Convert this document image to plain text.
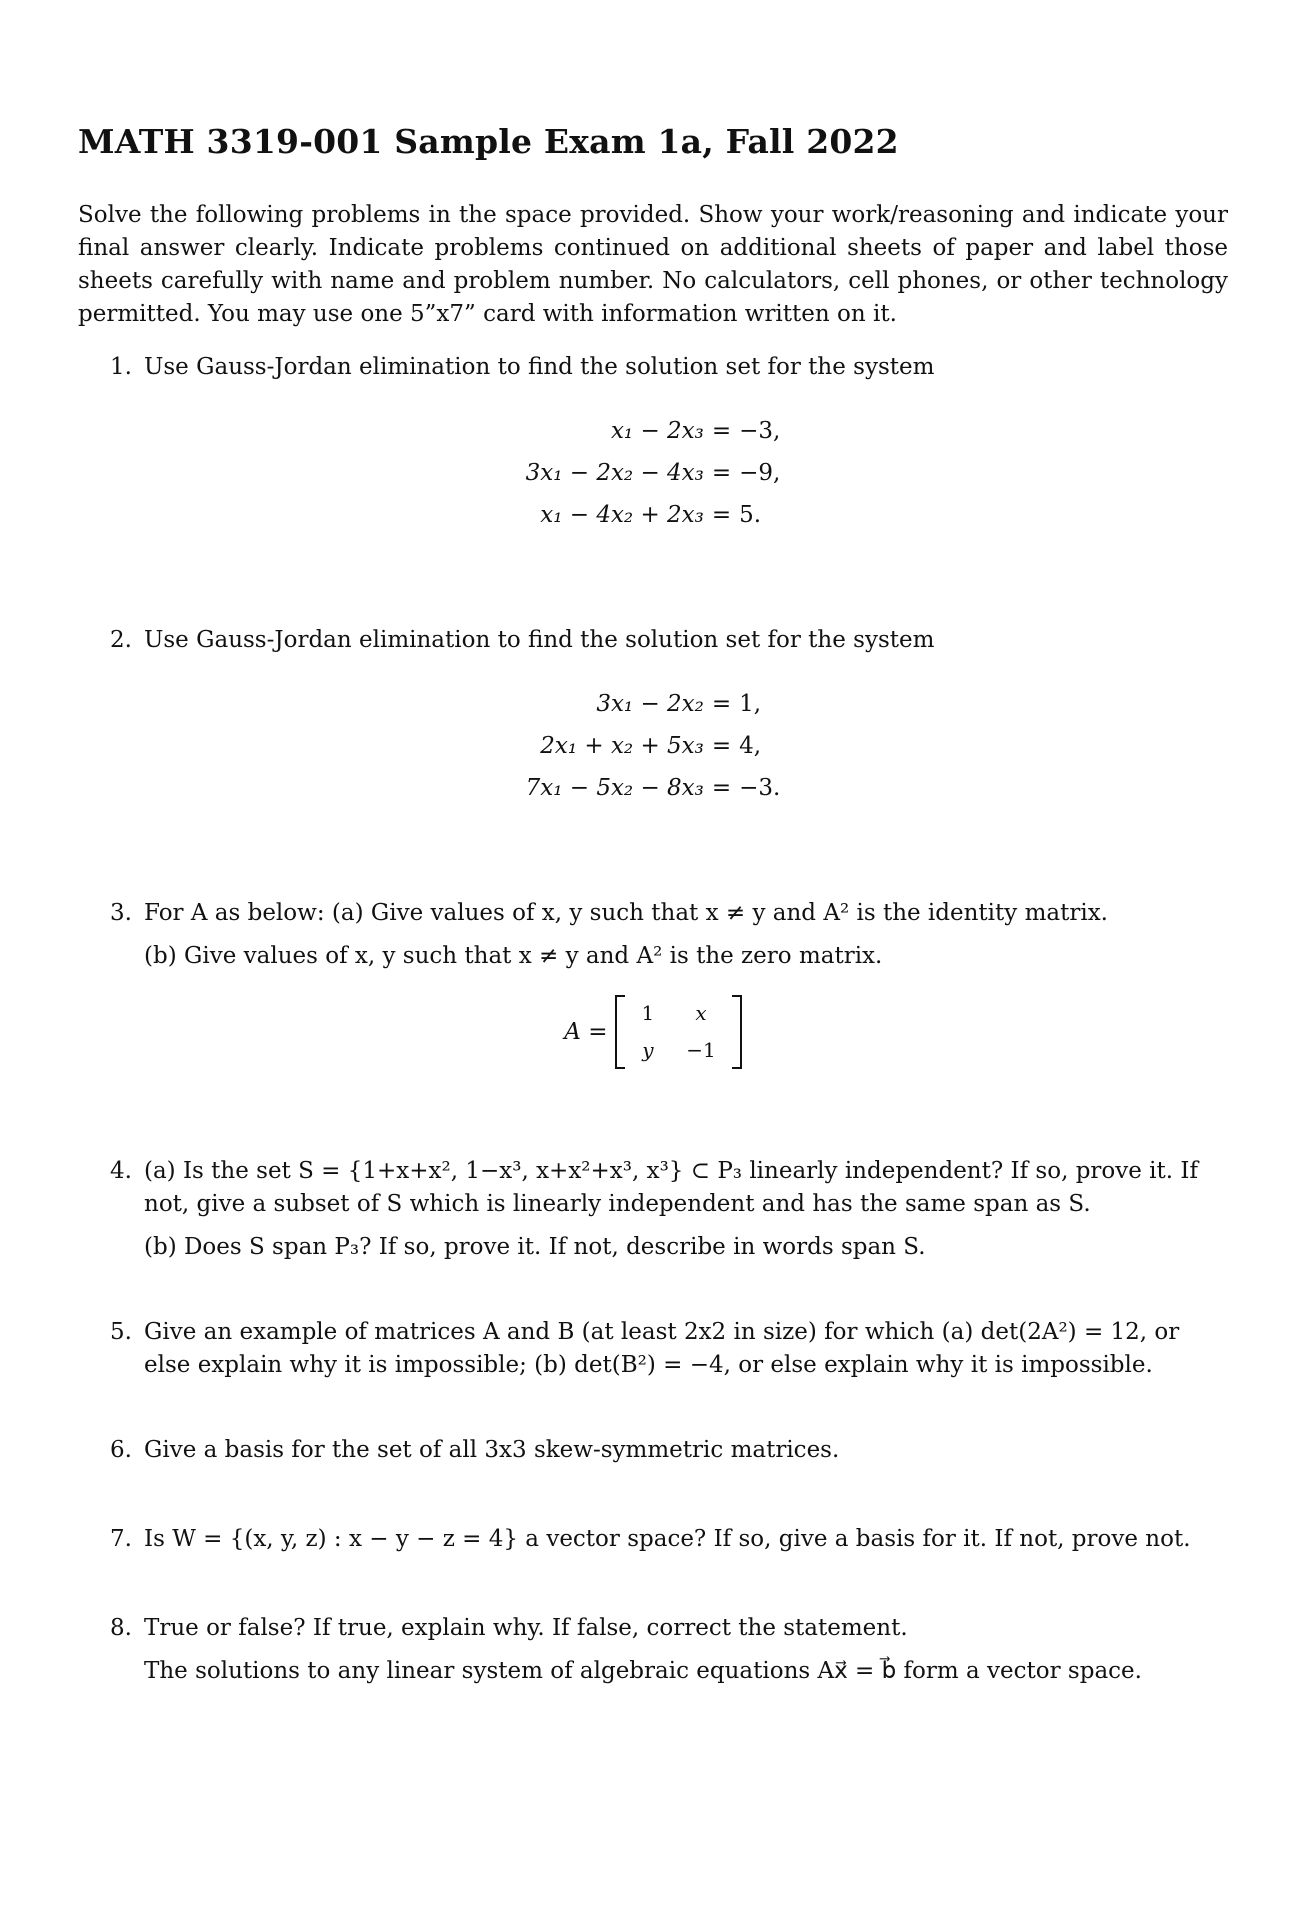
MATH 3319-001 Sample Exam 1a, Fall 2022

Solve the following problems in the space provided. Show your work/reasoning and indicate your final answer clearly. Indicate problems continued on additional sheets of paper and label those sheets carefully with name and problem number. No calculators, cell phones, or other technology permitted. You may use one 5”x7” card with information written on it.

1. Use Gauss-Jordan elimination to find the solution set for the system

x₁ − 2x₃	=	−3,
3x₁ − 2x₂ − 4x₃	=	−9,
x₁ − 4x₂ + 2x₃	=	5.
2. Use Gauss-Jordan elimination to find the solution set for the system

3x₁ − 2x₂	=	1,
2x₁ + x₂ + 5x₃	=	4,
7x₁ − 5x₂ − 8x₃	=	−3.
3. For A as below: (a) Give values of x, y such that x ≠ y and A² is the identity matrix.

(b) Give values of x, y such that x ≠ y and A² is the zero matrix.

A =
1	x
y	−1
4. (a) Is the set S = {1+x+x², 1−x³, x+x²+x³, x³} ⊂ P₃ linearly independent? If so, prove it. If not, give a subset of S which is linearly independent and has the same span as S.

(b) Does S span P₃? If so, prove it. If not, describe in words span S.

5. Give an example of matrices A and B (at least 2x2 in size) for which (a) det(2A²) = 12, or else explain why it is impossible; (b) det(B²) = −4, or else explain why it is impossible.

6. Give a basis for the set of all 3x3 skew-symmetric matrices.

7. Is W = {(x, y, z) : x − y − z = 4} a vector space? If so, give a basis for it. If not, prove not.

8. True or false? If true, explain why. If false, correct the statement.

The solutions to any linear system of algebraic equations Ax⃗ = b⃗ form a vector space.
